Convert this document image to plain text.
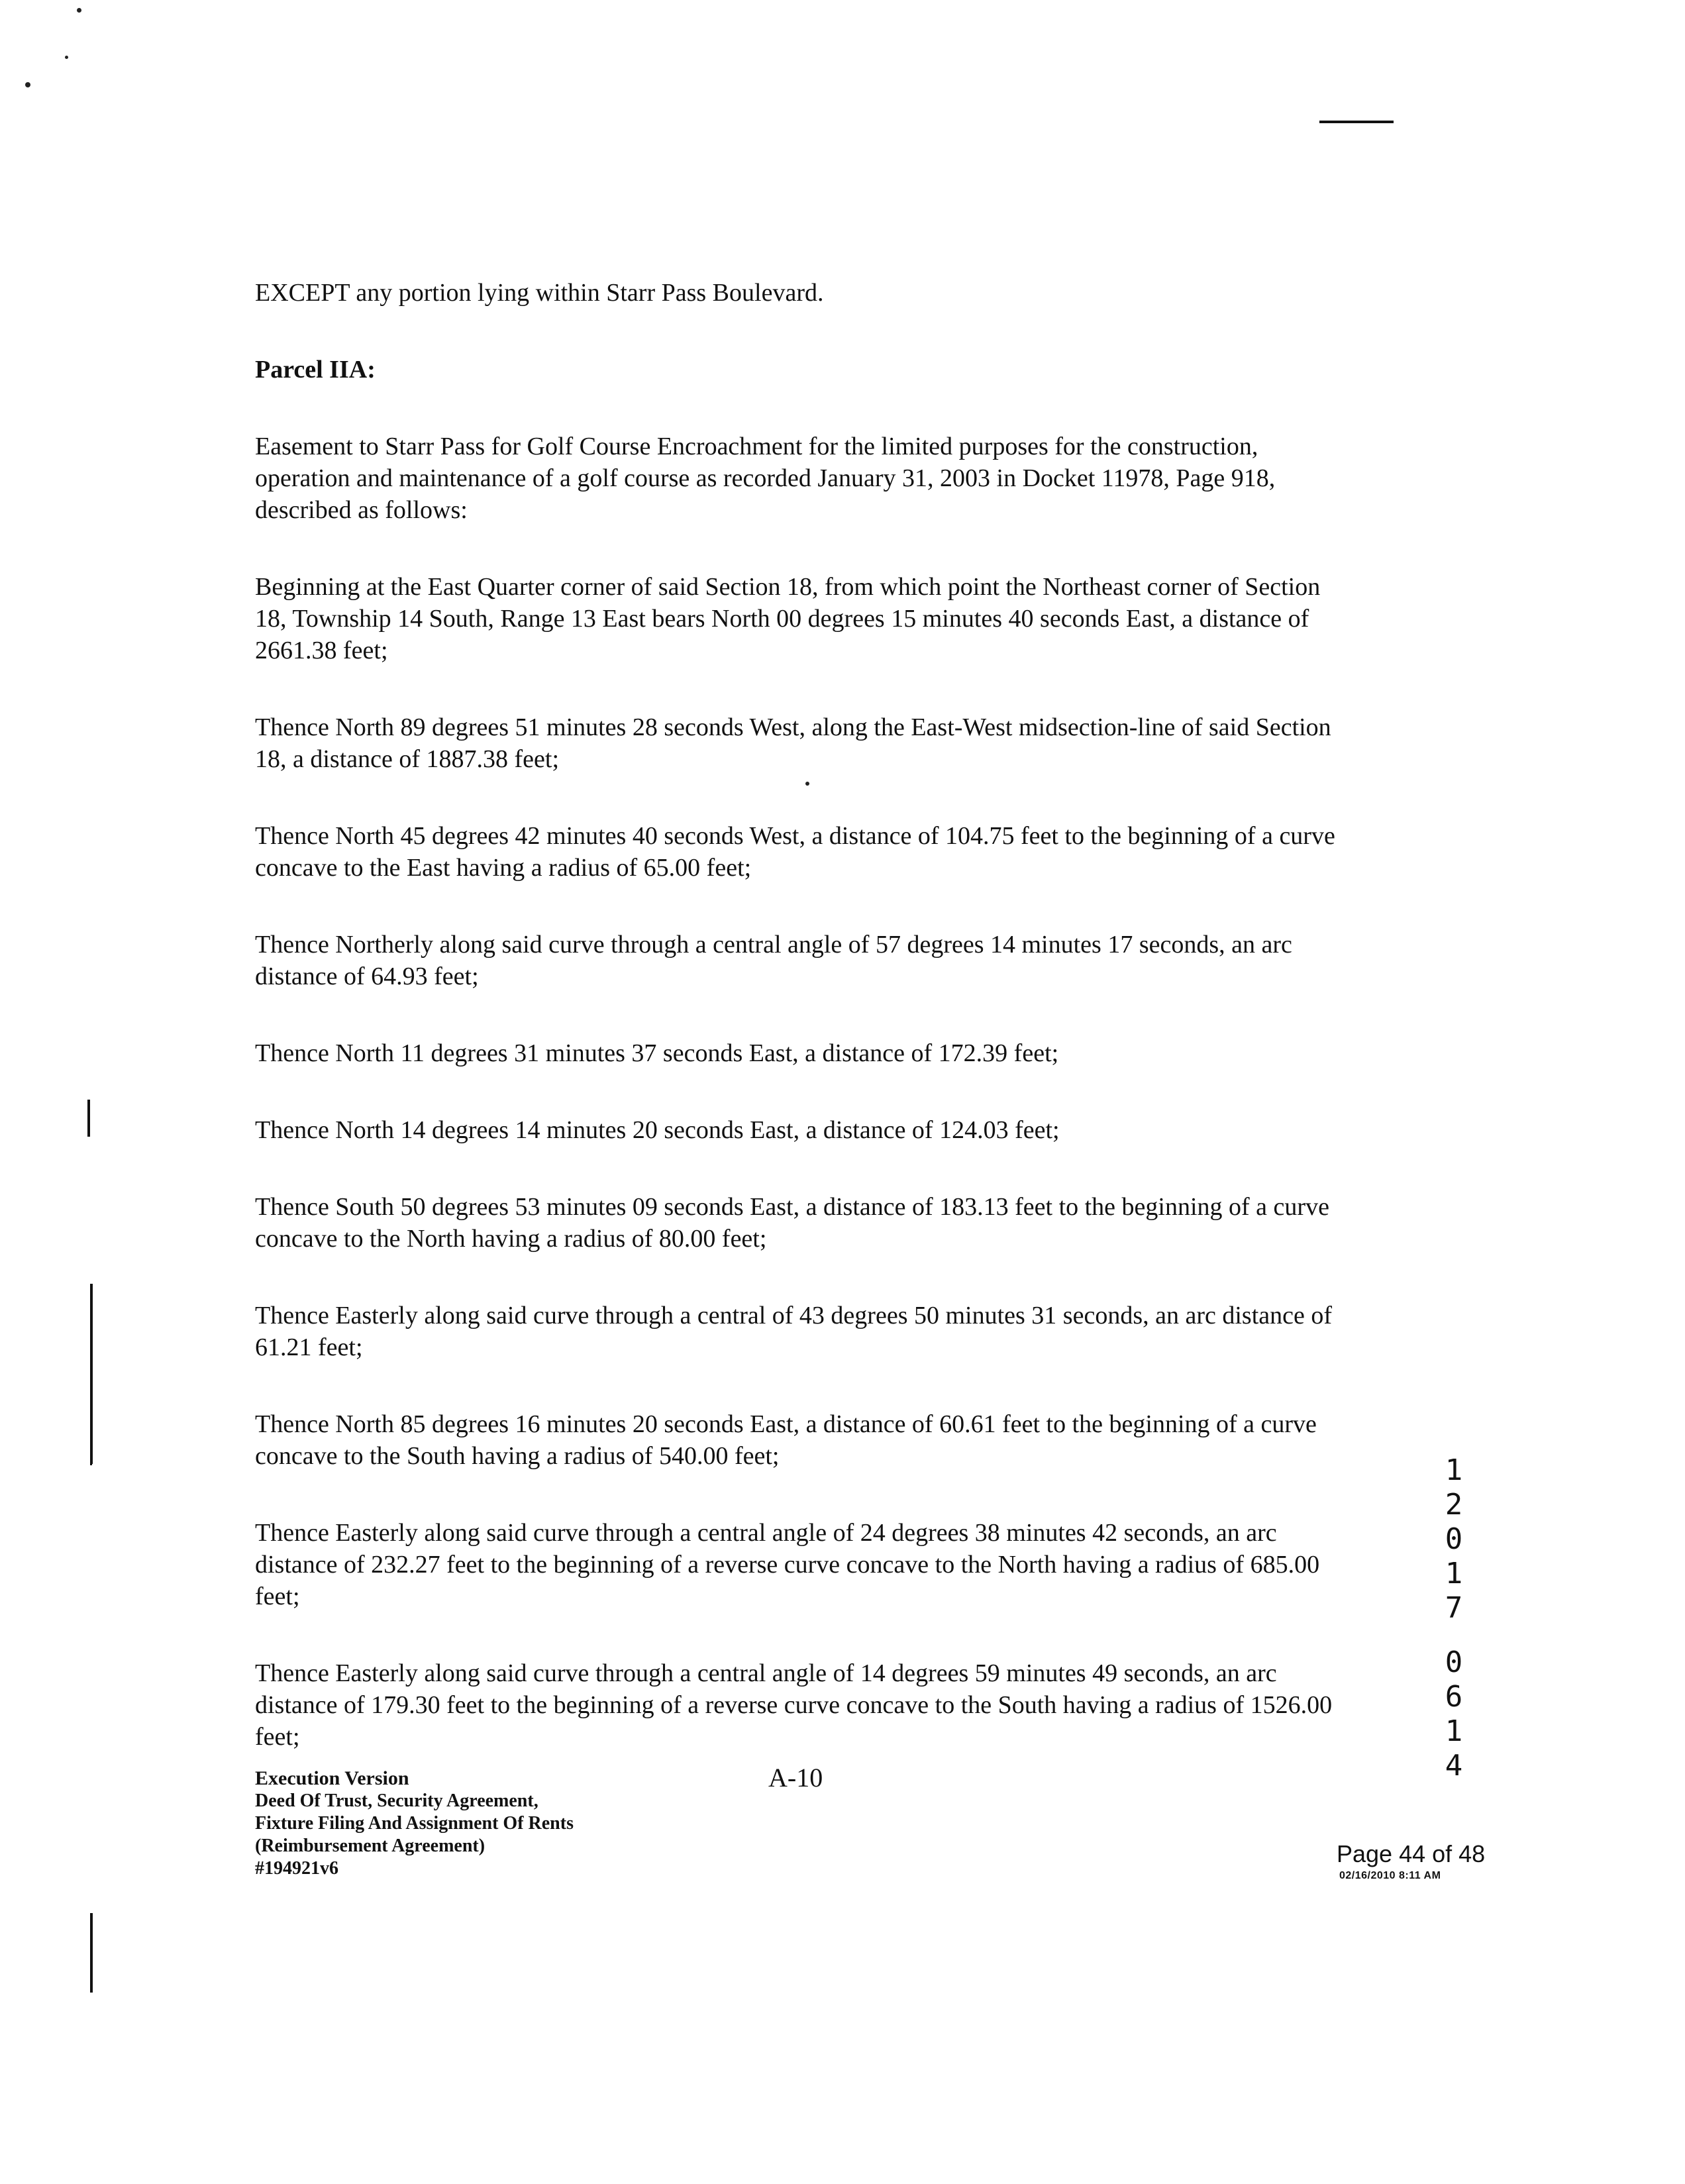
EXCEPT any portion lying within Starr Pass Boulevard.

Parcel IIA:

Easement to Starr Pass for Golf Course Encroachment for the limited purposes for the construction, operation and maintenance of a golf course as recorded January 31, 2003 in Docket 11978, Page 918, described as follows:

Beginning at the East Quarter corner of said Section 18, from which point the Northeast corner of Section 18, Township 14 South, Range 13 East bears North 00 degrees 15 minutes 40 seconds East, a distance of 2661.38 feet;

Thence North 89 degrees 51 minutes 28 seconds West, along the East-West midsection-line of said Section 18, a distance of 1887.38 feet;

Thence North 45 degrees 42 minutes 40 seconds West, a distance of 104.75 feet to the beginning of a curve concave to the East having a radius of 65.00 feet;

Thence Northerly along said curve through a central angle of 57 degrees 14 minutes 17 seconds, an arc distance of 64.93 feet;

Thence North 11 degrees 31 minutes 37 seconds East, a distance of 172.39 feet;

Thence North 14 degrees 14 minutes 20 seconds East, a distance of 124.03 feet;

Thence South 50 degrees 53 minutes 09 seconds East, a distance of 183.13 feet to the beginning of a curve concave to the North having a radius of 80.00 feet;

Thence Easterly along said curve through a central of 43 degrees 50 minutes 31 seconds, an arc distance of 61.21 feet;

Thence North 85 degrees 16 minutes 20 seconds East, a distance of 60.61 feet to the beginning of a curve concave to the South having a radius of 540.00 feet;

Thence Easterly along said curve through a central angle of 24 degrees 38 minutes 42 seconds, an arc distance of 232.27 feet to the beginning of a reverse curve concave to the North having a radius of 685.00 feet;

Thence Easterly along said curve through a central angle of 14 degrees 59 minutes 49 seconds, an arc distance of 179.30 feet to the beginning of a reverse curve concave to the South having a radius of 1526.00 feet;

Execution Version
Deed Of Trust, Security Agreement,
Fixture Filing And Assignment Of Rents
(Reimbursement Agreement)
#194921v6
A-10
Page 44 of 48
02/16/2010 8:11 AM
1
2
0
1
7
0
6
1
4
